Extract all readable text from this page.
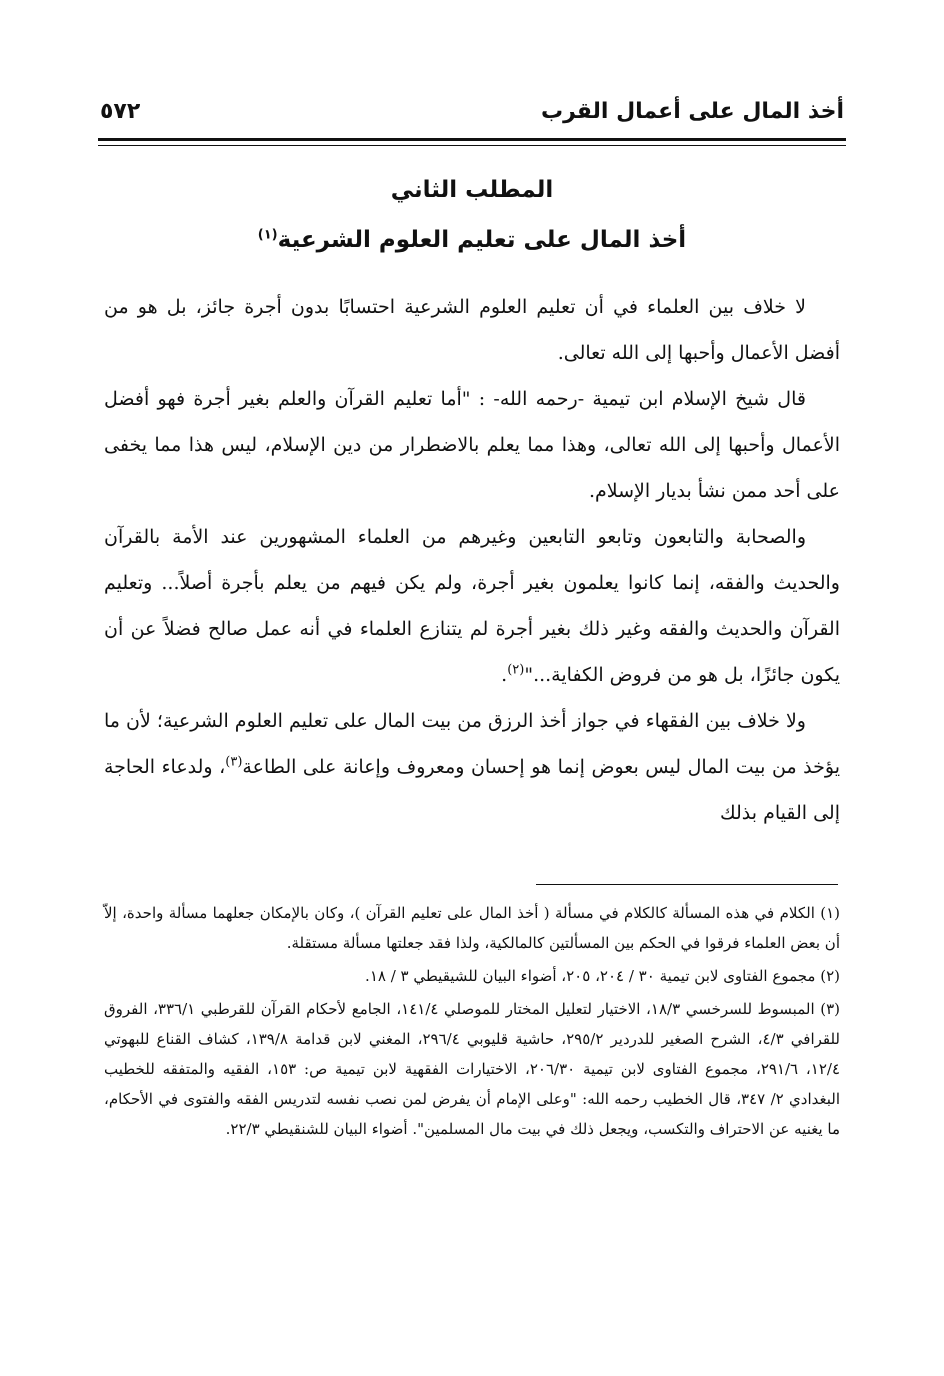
أخذ المال على أعمال القرب
٥٧٢
المطلب الثاني
أخذ المال على تعليم العلوم الشرعية$^{(١)}$

لا خلاف بين العلماء في أن تعليم العلوم الشرعية احتسابًا بدون أجرة جائز، بل هو من أفضل الأعمال وأحبها إلى الله تعالى.

قال شيخ الإسلام ابن تيمية -رحمه الله- : "أما تعليم القرآن والعلم بغير أجرة فهو أفضل الأعمال وأحبها إلى الله تعالى، وهذا مما يعلم بالاضطرار من دين الإسلام، ليس هذا مما يخفى على أحد ممن نشأ بديار الإسلام.

والصحابة والتابعون وتابعو التابعين وغيرهم من العلماء المشهورين عند الأمة بالقرآن والحديث والفقه، إنما كانوا يعلمون بغير أجرة، ولم يكن فيهم من يعلم بأجرة أصلاً... وتعليم القرآن والحديث والفقه وغير ذلك بغير أجرة لم يتنازع العلماء في أنه عمل صالح فضلاً عن أن يكون جائزًا، بل هو من فروض الكفاية..."$^{(٢)}$.

ولا خلاف بين الفقهاء في جواز أخذ الرزق من بيت المال على تعليم العلوم الشرعية؛ لأن ما يؤخذ من بيت المال ليس بعوض إنما هو إحسان ومعروف وإعانة على الطاعة$^{(٣)}$، ولدعاء الحاجة إلى القيام بذلك

(١) الكلام في هذه المسألة كالكلام في مسألة ( أخذ المال على تعليم القرآن )، وكان بالإمكان جعلهما مسألة واحدة، إلاّ أن بعض العلماء فرقوا في الحكم بين المسألتين كالمالكية، ولذا فقد جعلتها مسألة مستقلة.

(٢) مجموع الفتاوى لابن تيمية ٣٠ / ٢٠٤، ٢٠٥، أضواء البيان للشيقيطي ٣ / ١٨.

(٣) المبسوط للسرخسي ١٨/٣، الاختيار لتعليل المختار للموصلي ١٤١/٤، الجامع لأحكام القرآن للقرطبي ٣٣٦/١، الفروق للقرافي ٤/٣، الشرح الصغير للدردير ٢٩٥/٢، حاشية قليوبي ٢٩٦/٤، المغني لابن قدامة ١٣٩/٨، كشاف القناع للبهوتي ١٢/٤، ٢٩١/٦، مجموع الفتاوى لابن تيمية ٢٠٦/٣٠، الاختيارات الفقهية لابن تيمية ص: ١٥٣، الفقيه والمتفقه للخطيب البغدادي ٢/ ٣٤٧، قال الخطيب رحمه الله: "وعلى الإمام أن يفرض لمن نصب نفسه لتدريس الفقه والفتوى في الأحكام، ما يغنيه عن الاحتراف والتكسب، ويجعل ذلك في بيت مال المسلمين". أضواء البيان للشنقيطي ٢٢/٣.
